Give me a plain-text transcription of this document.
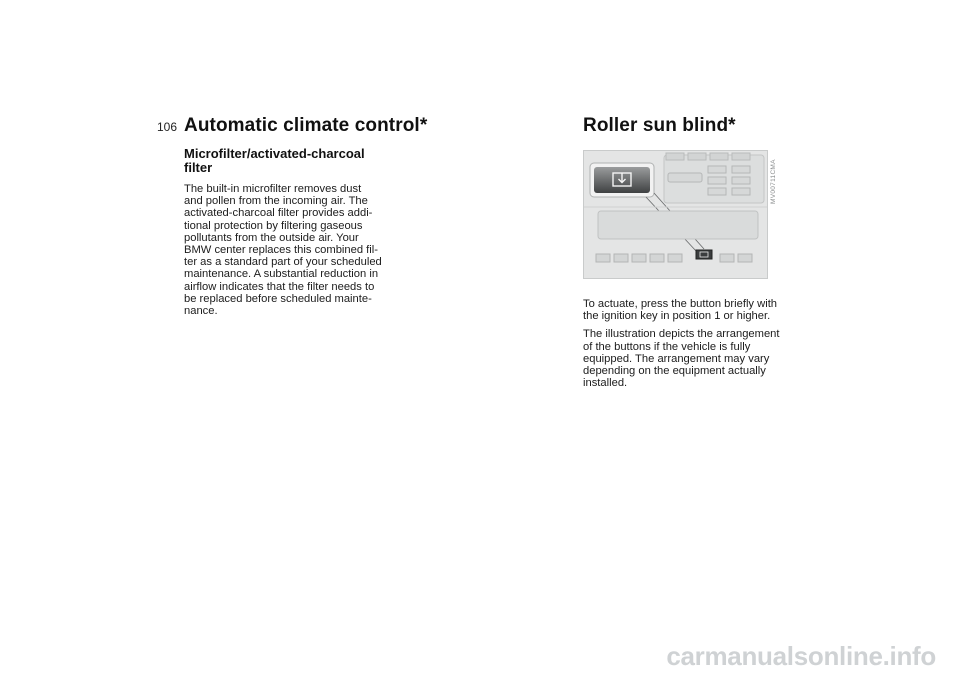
106 Automatic climate control*
Microfilter/activated-charcoal
filter

The built-in microfilter removes dust
and pollen from the incoming air. The
activated-charcoal filter provides addi-
tional protection by filtering gaseous
pollutants from the outside air. Your
BMW center replaces this combined fil-
ter as a standard part of your scheduled
maintenance. A substantial reduction in
airflow indicates that the filter needs to
be replaced before scheduled mainte-
nance.

Roller sun blind*
MV00711CMA

To actuate, press the button briefly with
the ignition key in position 1 or higher.

The illustration depicts the arrangement
of the buttons if the vehicle is fully
equipped. The arrangement may vary
depending on the equipment actually
installed.

carmanualsonline.info
